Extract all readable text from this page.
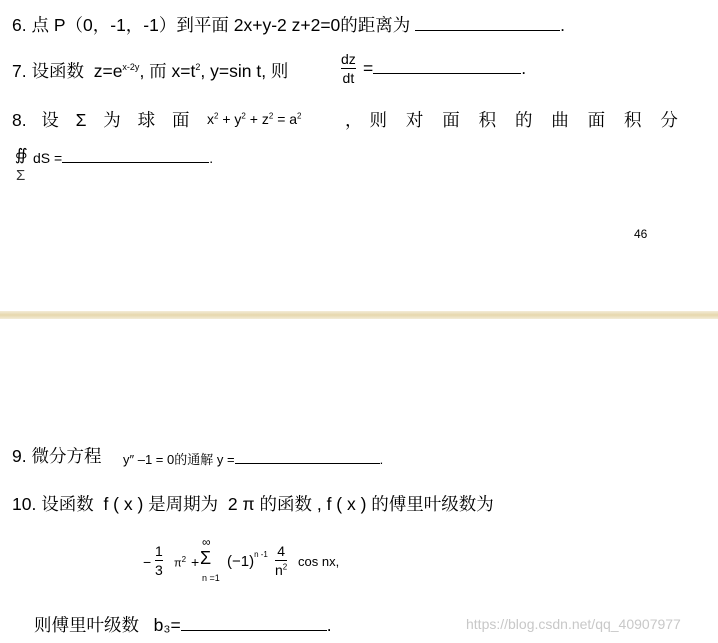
6. 点 P（0，-1，-1）到平面 2x+y-2 z+2=0的距离为	.
7. 设函数 $z=e^{x-2y}$, 而 $x=t^2$, y=sin t, 则
dz
dt =	.
8. 设 Σ 为 球 面 $x^2 + y^2 + z^2 = a^2$ ，则 对 面 积 的 曲 面 积 分
∯
Σ
dS =	.
46
9. 微分方程 y″ –1 = 0的通解 y =	.
10. 设函数 f ( x ) 是周期为 2 π 的函数 , f ( x ) 的傅里叶级数为
−
1
3 $\pi^2$ +
∞
Σ
n =1
$(-1)^{n -1}$ 4
$n^2$ cos nx,
则傅里叶级数 b₃=	.	https://blog.csdn.net/qq_40907977
